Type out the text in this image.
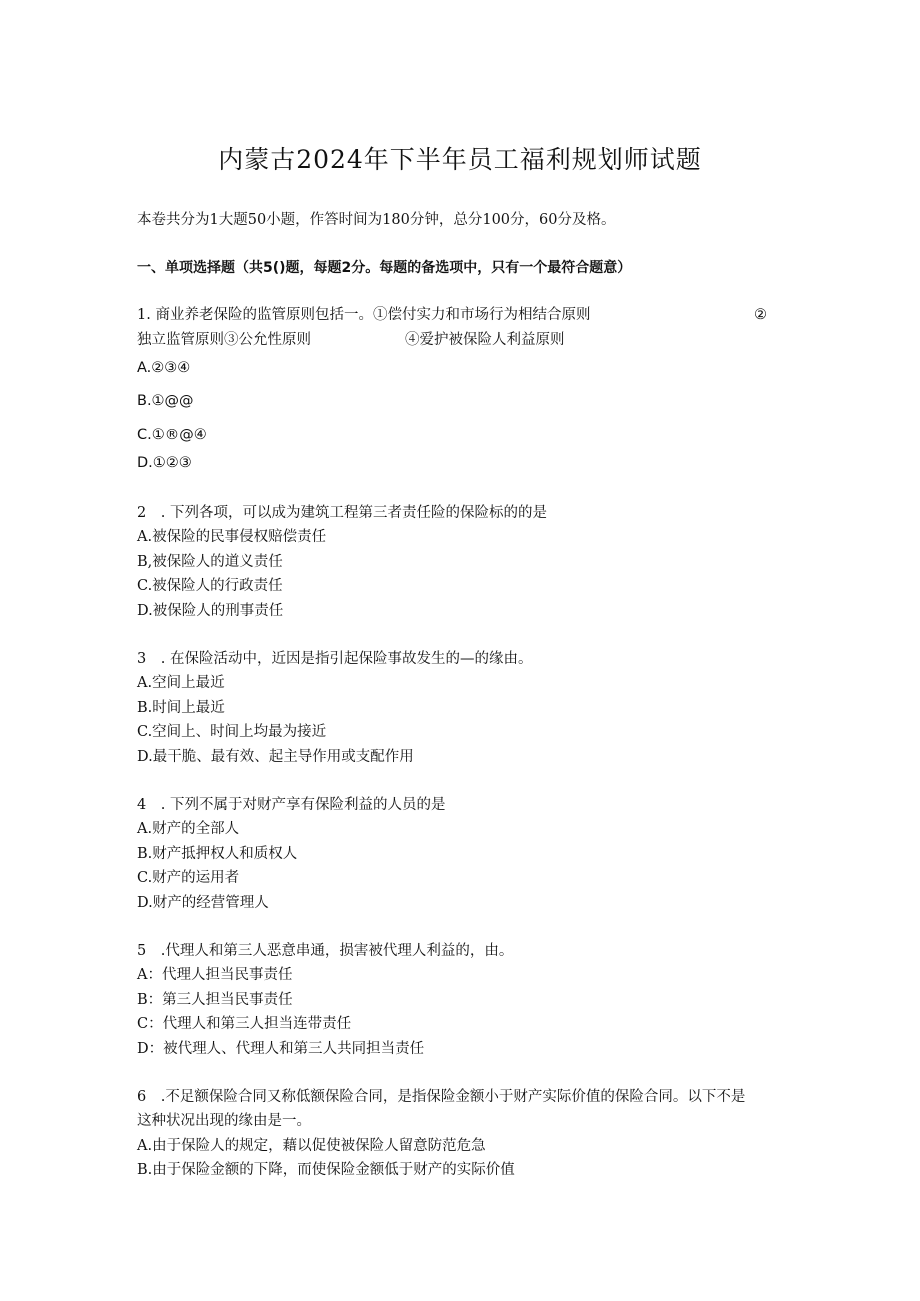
内蒙古2024年下半年员工福利规划师试题
本卷共分为1大题50小题，作答时间为180分钟，总分100分，60分及格。
一、单项选择题（共5()题，每题2分。每题的备选项中，只有一个最符合题意）
1. 商业养老保险的监管原则包括一。①偿付实力和市场行为相结合原则	②
独立监管原则③公允性原则	④爱护被保险人利益原则
A.②③④
B.①@@
C.①®@④
D.①②③
2　. 下列各项，可以成为建筑工程第三者责任险的保险标的的是
A.被保险的民事侵权赔偿责任
B,被保险人的道义责任
C.被保险人的行政责任
D.被保险人的刑事责任
3　. 在保险活动中，近因是指引起保险事故发生的—的缘由。
A.空间上最近
B.时间上最近
C.空间上、时间上均最为接近
D.最干脆、最有效、起主导作用或支配作用
4　. 下列不属于对财产享有保险利益的人员的是
A.财产的全部人
B.财产抵押权人和质权人
C.财产的运用者
D.财产的经营管理人
5　.代理人和第三人恶意串通，损害被代理人利益的，由。
A：代理人担当民事责任
B：第三人担当民事责任
C：代理人和第三人担当连带责任
D：被代理人、代理人和第三人共同担当责任
6　.不足额保险合同又称低额保险合同，是指保险金额小于财产实际价值的保险合同。以下不是
这种状况出现的缘由是一。
A.由于保险人的规定，藉以促使被保险人留意防范危急
B.由于保险金额的下降，而使保险金额低于财产的实际价值
